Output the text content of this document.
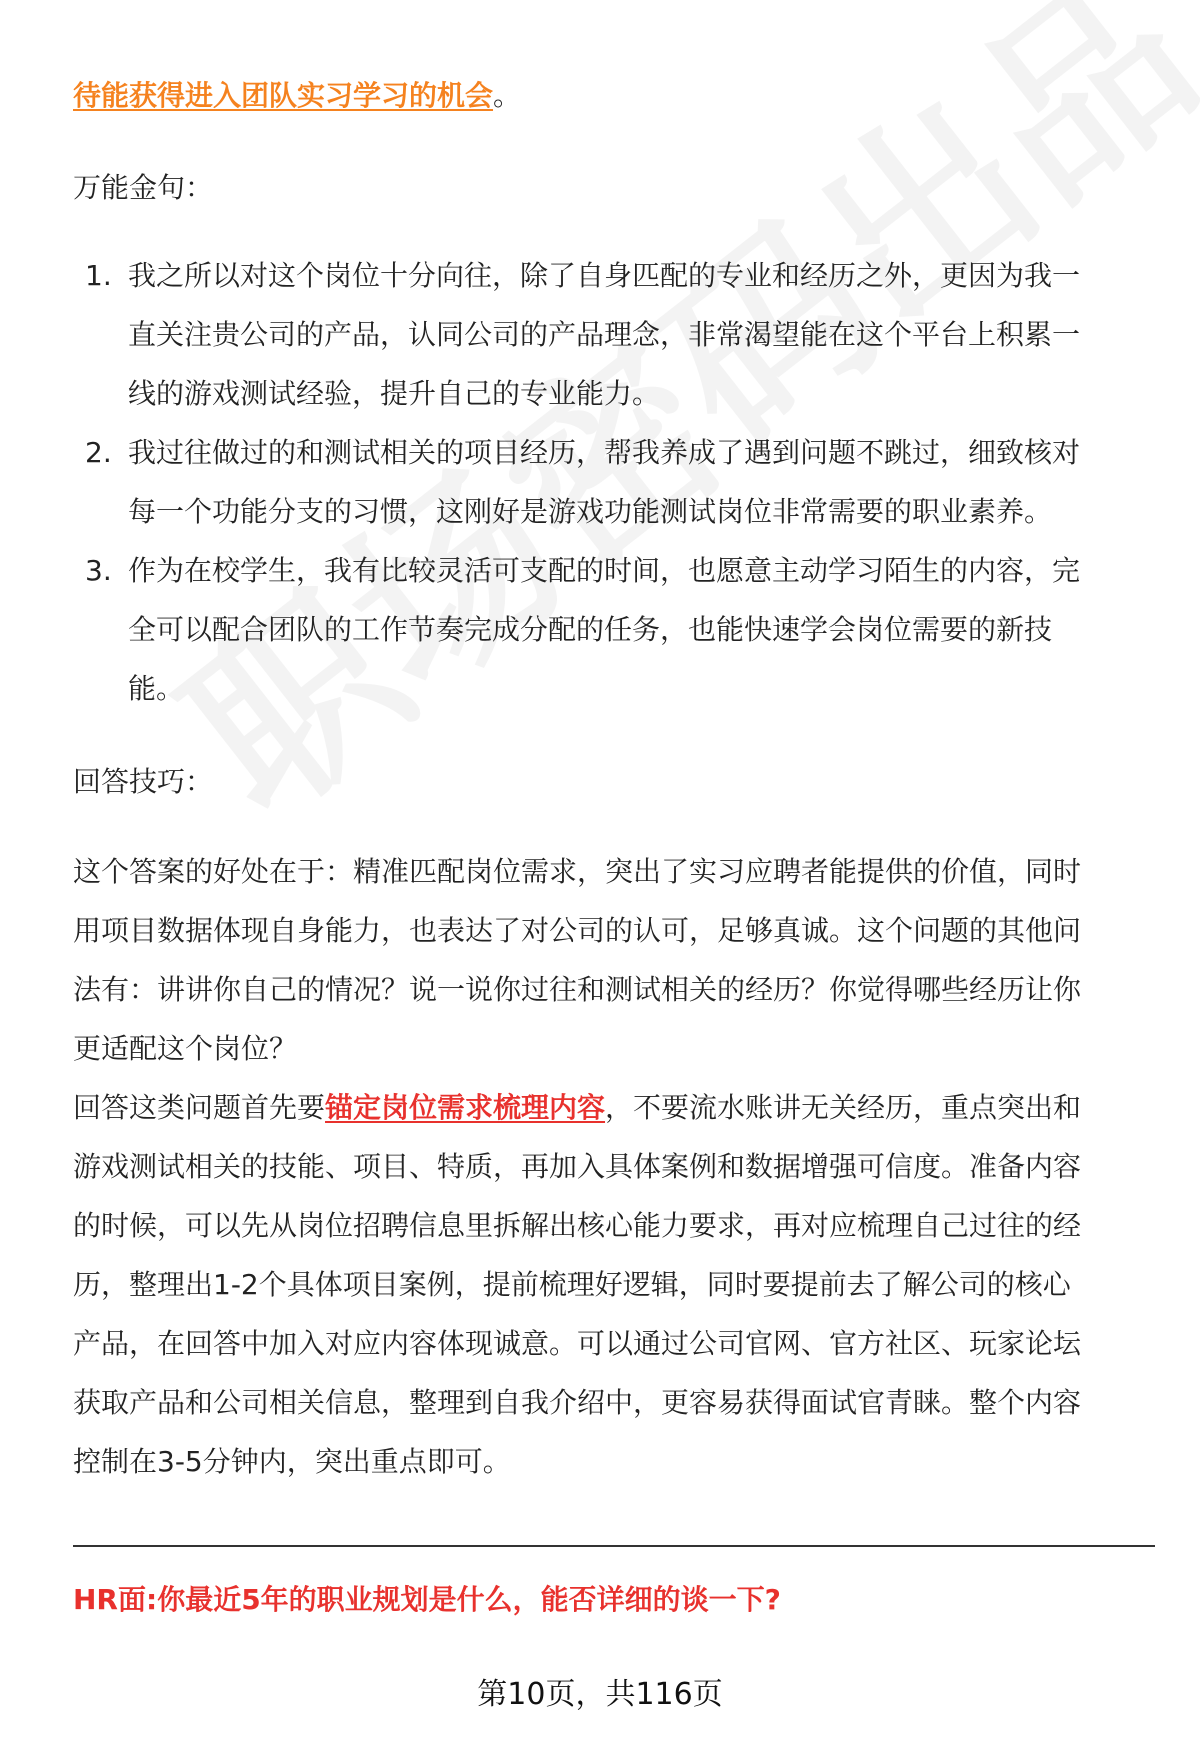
待能获得进入团队实习学习的机会。
万能金句：
1. 我之所以对这个岗位十分向往，除了自身匹配的专业和经历之外，更因为我一
直关注贵公司的产品，认同公司的产品理念，非常渴望能在这个平台上积累一
线的游戏测试经验，提升自己的专业能力。
2. 我过往做过的和测试相关的项目经历，帮我养成了遇到问题不跳过，细致核对
每一个功能分支的习惯，这刚好是游戏功能测试岗位非常需要的职业素养。
3. 作为在校学生，我有比较灵活可支配的时间，也愿意主动学习陌生的内容，完
全可以配合团队的工作节奏完成分配的任务，也能快速学会岗位需要的新技
能。
回答技巧：
这个答案的好处在于：精准匹配岗位需求，突出了实习应聘者能提供的价值，同时
用项目数据体现自身能力，也表达了对公司的认可，足够真诚。这个问题的其他问
法有：讲讲你自己的情况？说一说你过往和测试相关的经历？你觉得哪些经历让你
更适配这个岗位？
回答这类问题首先要锚定岗位需求梳理内容，不要流水账讲无关经历，重点突出和
游戏测试相关的技能、项目、特质，再加入具体案例和数据增强可信度。准备内容
的时候，可以先从岗位招聘信息里拆解出核心能力要求，再对应梳理自己过往的经
历，整理出1-2个具体项目案例，提前梳理好逻辑，同时要提前去了解公司的核心
产品，在回答中加入对应内容体现诚意。可以通过公司官网、官方社区、玩家论坛
获取产品和公司相关信息，整理到自我介绍中，更容易获得面试官青睐。整个内容
控制在3-5分钟内，突出重点即可。
HR面:你最近5年的职业规划是什么，能否详细的谈一下?
第10页，共116页
